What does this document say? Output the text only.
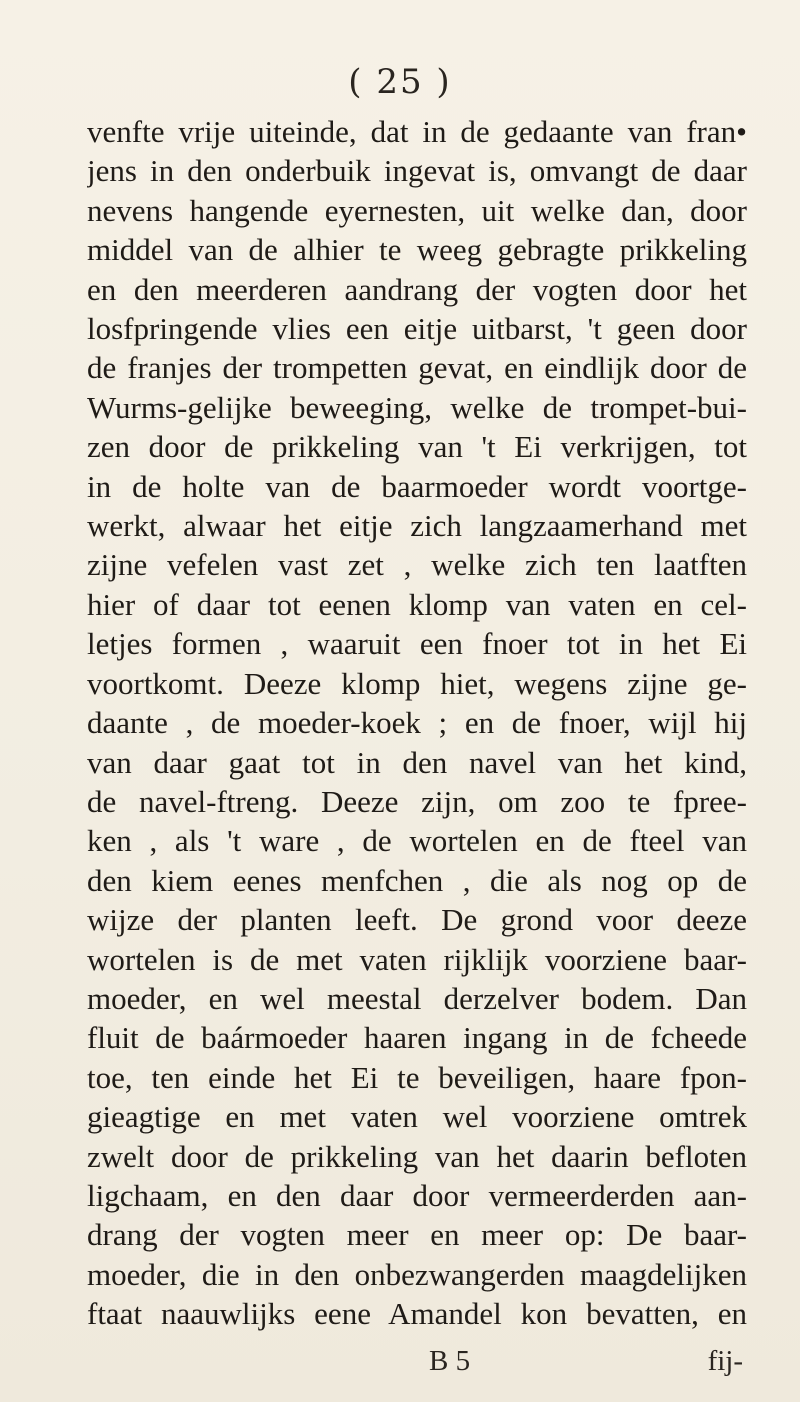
( 25 )
venfte vrije uiteinde, dat in de gedaante van fran•
jens in den onderbuik ingevat is, omvangt de daar
nevens hangende eyernesten, uit welke dan, door
middel van de alhier te weeg gebragte prikkeling
en den meerderen aandrang der vogten door het
losfpringende vlies een eitje uitbarst, 't geen door
de franjes der trompetten gevat, en eindlijk door de
Wurms-gelijke beweeging, welke de trompet-bui-
zen door de prikkeling van 't Ei verkrijgen, tot
in de holte van de baarmoeder wordt voortge-
werkt, alwaar het eitje zich langzaamerhand met
zijne vefelen vast zet , welke zich ten laatften
hier of daar tot eenen klomp van vaten en cel-
letjes formen , waaruit een fnoer tot in het Ei
voortkomt. Deeze klomp hiet, wegens zijne ge-
daante , de moeder-koek ; en de fnoer, wijl hij
van daar gaat tot in den navel van het kind,
de navel-ftreng. Deeze zijn, om zoo te fpree-
ken , als 't ware , de wortelen en de fteel van
den kiem eenes menfchen , die als nog op de
wijze der planten leeft. De grond voor deeze
wortelen is de met vaten rijklijk voorziene baar-
moeder, en wel meestal derzelver bodem. Dan
fluit de baármoeder haaren ingang in de fcheede
toe, ten einde het Ei te beveiligen, haare fpon-
gieagtige en met vaten wel voorziene omtrek
zwelt door de prikkeling van het daarin befloten
ligchaam, en den daar door vermeerderden aan-
drang der vogten meer en meer op: De baar-
moeder, die in den onbezwangerden maagdelijken
ftaat naauwlijks eene Amandel kon bevatten, en
B 5	fij-
